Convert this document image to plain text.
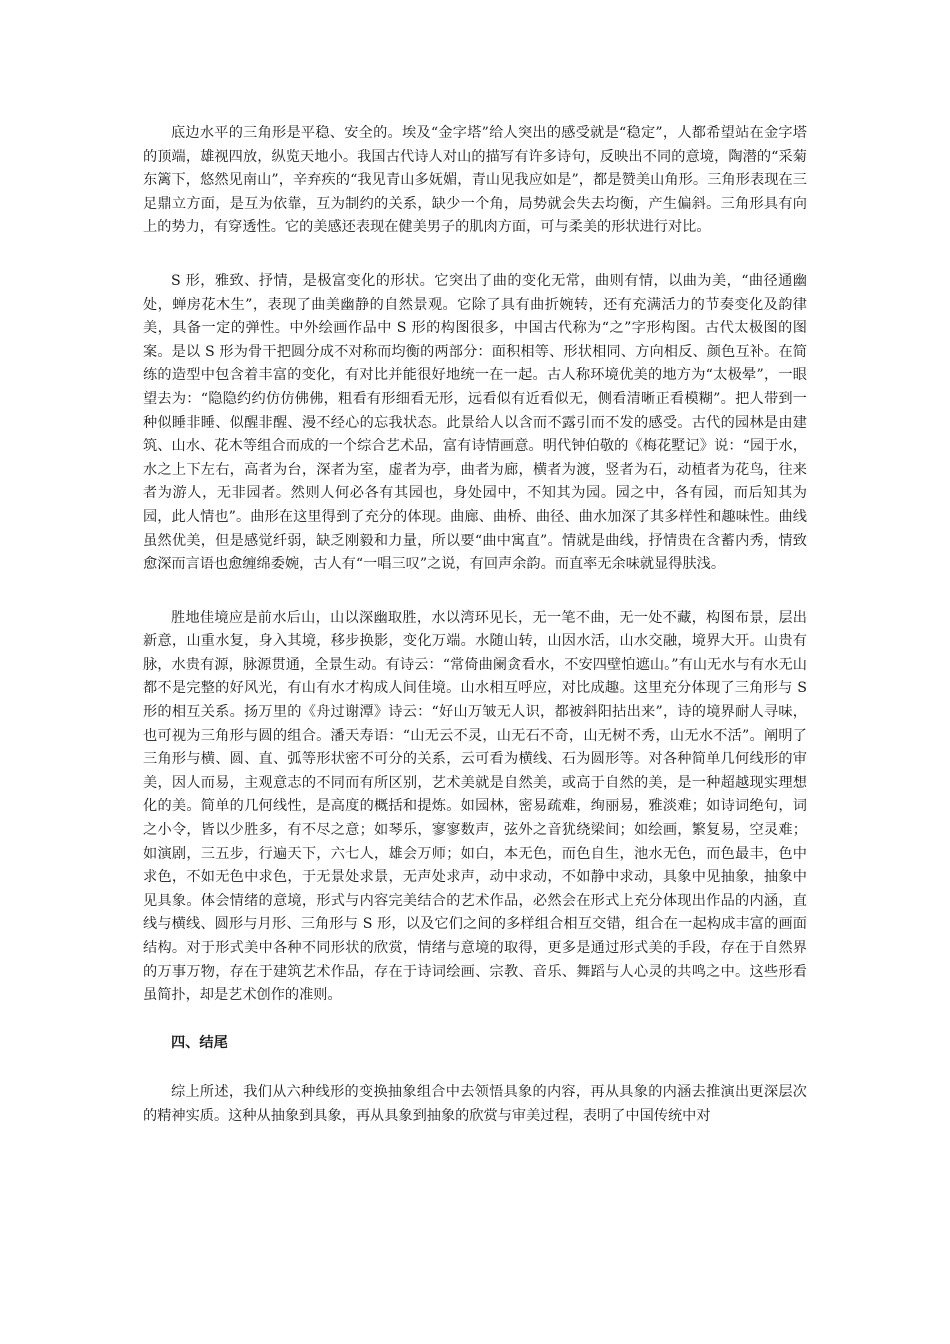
底边水平的三角形是平稳、安全的。埃及“金字塔”给人突出的感受就是“稳定”，人都希望站在金字塔的顶端，雄视四放，纵览天地小。我国古代诗人对山的描写有许多诗句，反映出不同的意境，陶潜的“采菊东篱下，悠然见南山”，辛弃疾的“我见青山多妩媚，青山见我应如是”，都是赞美山角形。三角形表现在三足鼎立方面，是互为依靠，互为制约的关系，缺少一个角，局势就会失去均衡，产生偏斜。三角形具有向上的势力，有穿透性。它的美感还表现在健美男子的肌肉方面，可与柔美的形状进行对比。

S 形，雅致、抒情，是极富变化的形状。它突出了曲的变化无常，曲则有情，以曲为美，“曲径通幽处，蝉房花木生”，表现了曲美幽静的自然景观。它除了具有曲折婉转，还有充满活力的节奏变化及韵律美，具备一定的弹性。中外绘画作品中 S 形的构图很多，中国古代称为“之”字形构图。古代太极图的图案。是以 S 形为骨干把圆分成不对称而均衡的两部分：面积相等、形状相同、方向相反、颜色互补。在简练的造型中包含着丰富的变化，有对比并能很好地统一在一起。古人称环境优美的地方为“太极晕”，一眼望去为：“隐隐约约仿仿佛佛，粗看有形细看无形，远看似有近看似无，侧看清晰正看模糊”。把人带到一种似睡非睡、似醒非醒、漫不经心的忘我状态。此景给人以含而不露引而不发的感受。古代的园林是由建筑、山水、花木等组合而成的一个综合艺术品，富有诗情画意。明代钟伯敬的《梅花墅记》说：“园于水，水之上下左右，高者为台，深者为室，虚者为亭，曲者为廊，横者为渡，竖者为石，动植者为花鸟，往来者为游人，无非园者。然则人何必各有其园也，身处园中，不知其为园。园之中，各有园，而后知其为园，此人情也”。曲形在这里得到了充分的体现。曲廊、曲桥、曲径、曲水加深了其多样性和趣味性。曲线虽然优美，但是感觉纤弱，缺乏刚毅和力量，所以要“曲中寓直”。情就是曲线，抒情贵在含蓄内秀，情致愈深而言语也愈缠绵委婉，古人有“一唱三叹”之说，有回声余韵。而直率无余味就显得肤浅。

胜地佳境应是前水后山，山以深幽取胜，水以湾环见长，无一笔不曲，无一处不藏，构图布景，层出新意，山重水复，身入其境，移步换影，变化万端。水随山转，山因水活，山水交融，境界大开。山贵有脉，水贵有源，脉源贯通，全景生动。有诗云：“常倚曲阑贪看水，不安四壁怕遮山。”有山无水与有水无山都不是完整的好风光，有山有水才构成人间佳境。山水相互呼应，对比成趣。这里充分体现了三角形与 S 形的相互关系。扬万里的《舟过谢潭》诗云：“好山万皱无人识，都被斜阳拈出来”，诗的境界耐人寻味，也可视为三角形与圆的组合。潘天寿语：“山无云不灵，山无石不奇，山无树不秀，山无水不活”。阐明了三角形与横、圆、直、弧等形状密不可分的关系，云可看为横线、石为圆形等。对各种简单几何线形的审美，因人而易，主观意志的不同而有所区别，艺术美就是自然美，或高于自然的美，是一种超越现实理想化的美。简单的几何线性，是高度的概括和提炼。如园林，密易疏难，绚丽易，雅淡难；如诗词绝句，词之小令，皆以少胜多，有不尽之意；如琴乐，寥寥数声，弦外之音犹绕梁间；如绘画，繁复易，空灵难；如演剧，三五步，行遍天下，六七人，雄会万师；如白，本无色，而色自生，池水无色，而色最丰，色中求色，不如无色中求色，于无景处求景，无声处求声，动中求动，不如静中求动，具象中见抽象，抽象中见具象。体会情绪的意境，形式与内容完美结合的艺术作品，必然会在形式上充分体现出作品的内涵，直线与横线、圆形与月形、三角形与 S 形，以及它们之间的多样组合相互交错，组合在一起构成丰富的画面结构。对于形式美中各种不同形状的欣赏，情绪与意境的取得，更多是通过形式美的手段，存在于自然界的万事万物，存在于建筑艺术作品，存在于诗词绘画、宗教、音乐、舞蹈与人心灵的共鸣之中。这些形看虽简扑，却是艺术创作的准则。

四、结尾

综上所述，我们从六种线形的变换抽象组合中去领悟具象的内容，再从具象的内涵去推演出更深层次的精神实质。这种从抽象到具象，再从具象到抽象的欣赏与审美过程，表明了中国传统中对
